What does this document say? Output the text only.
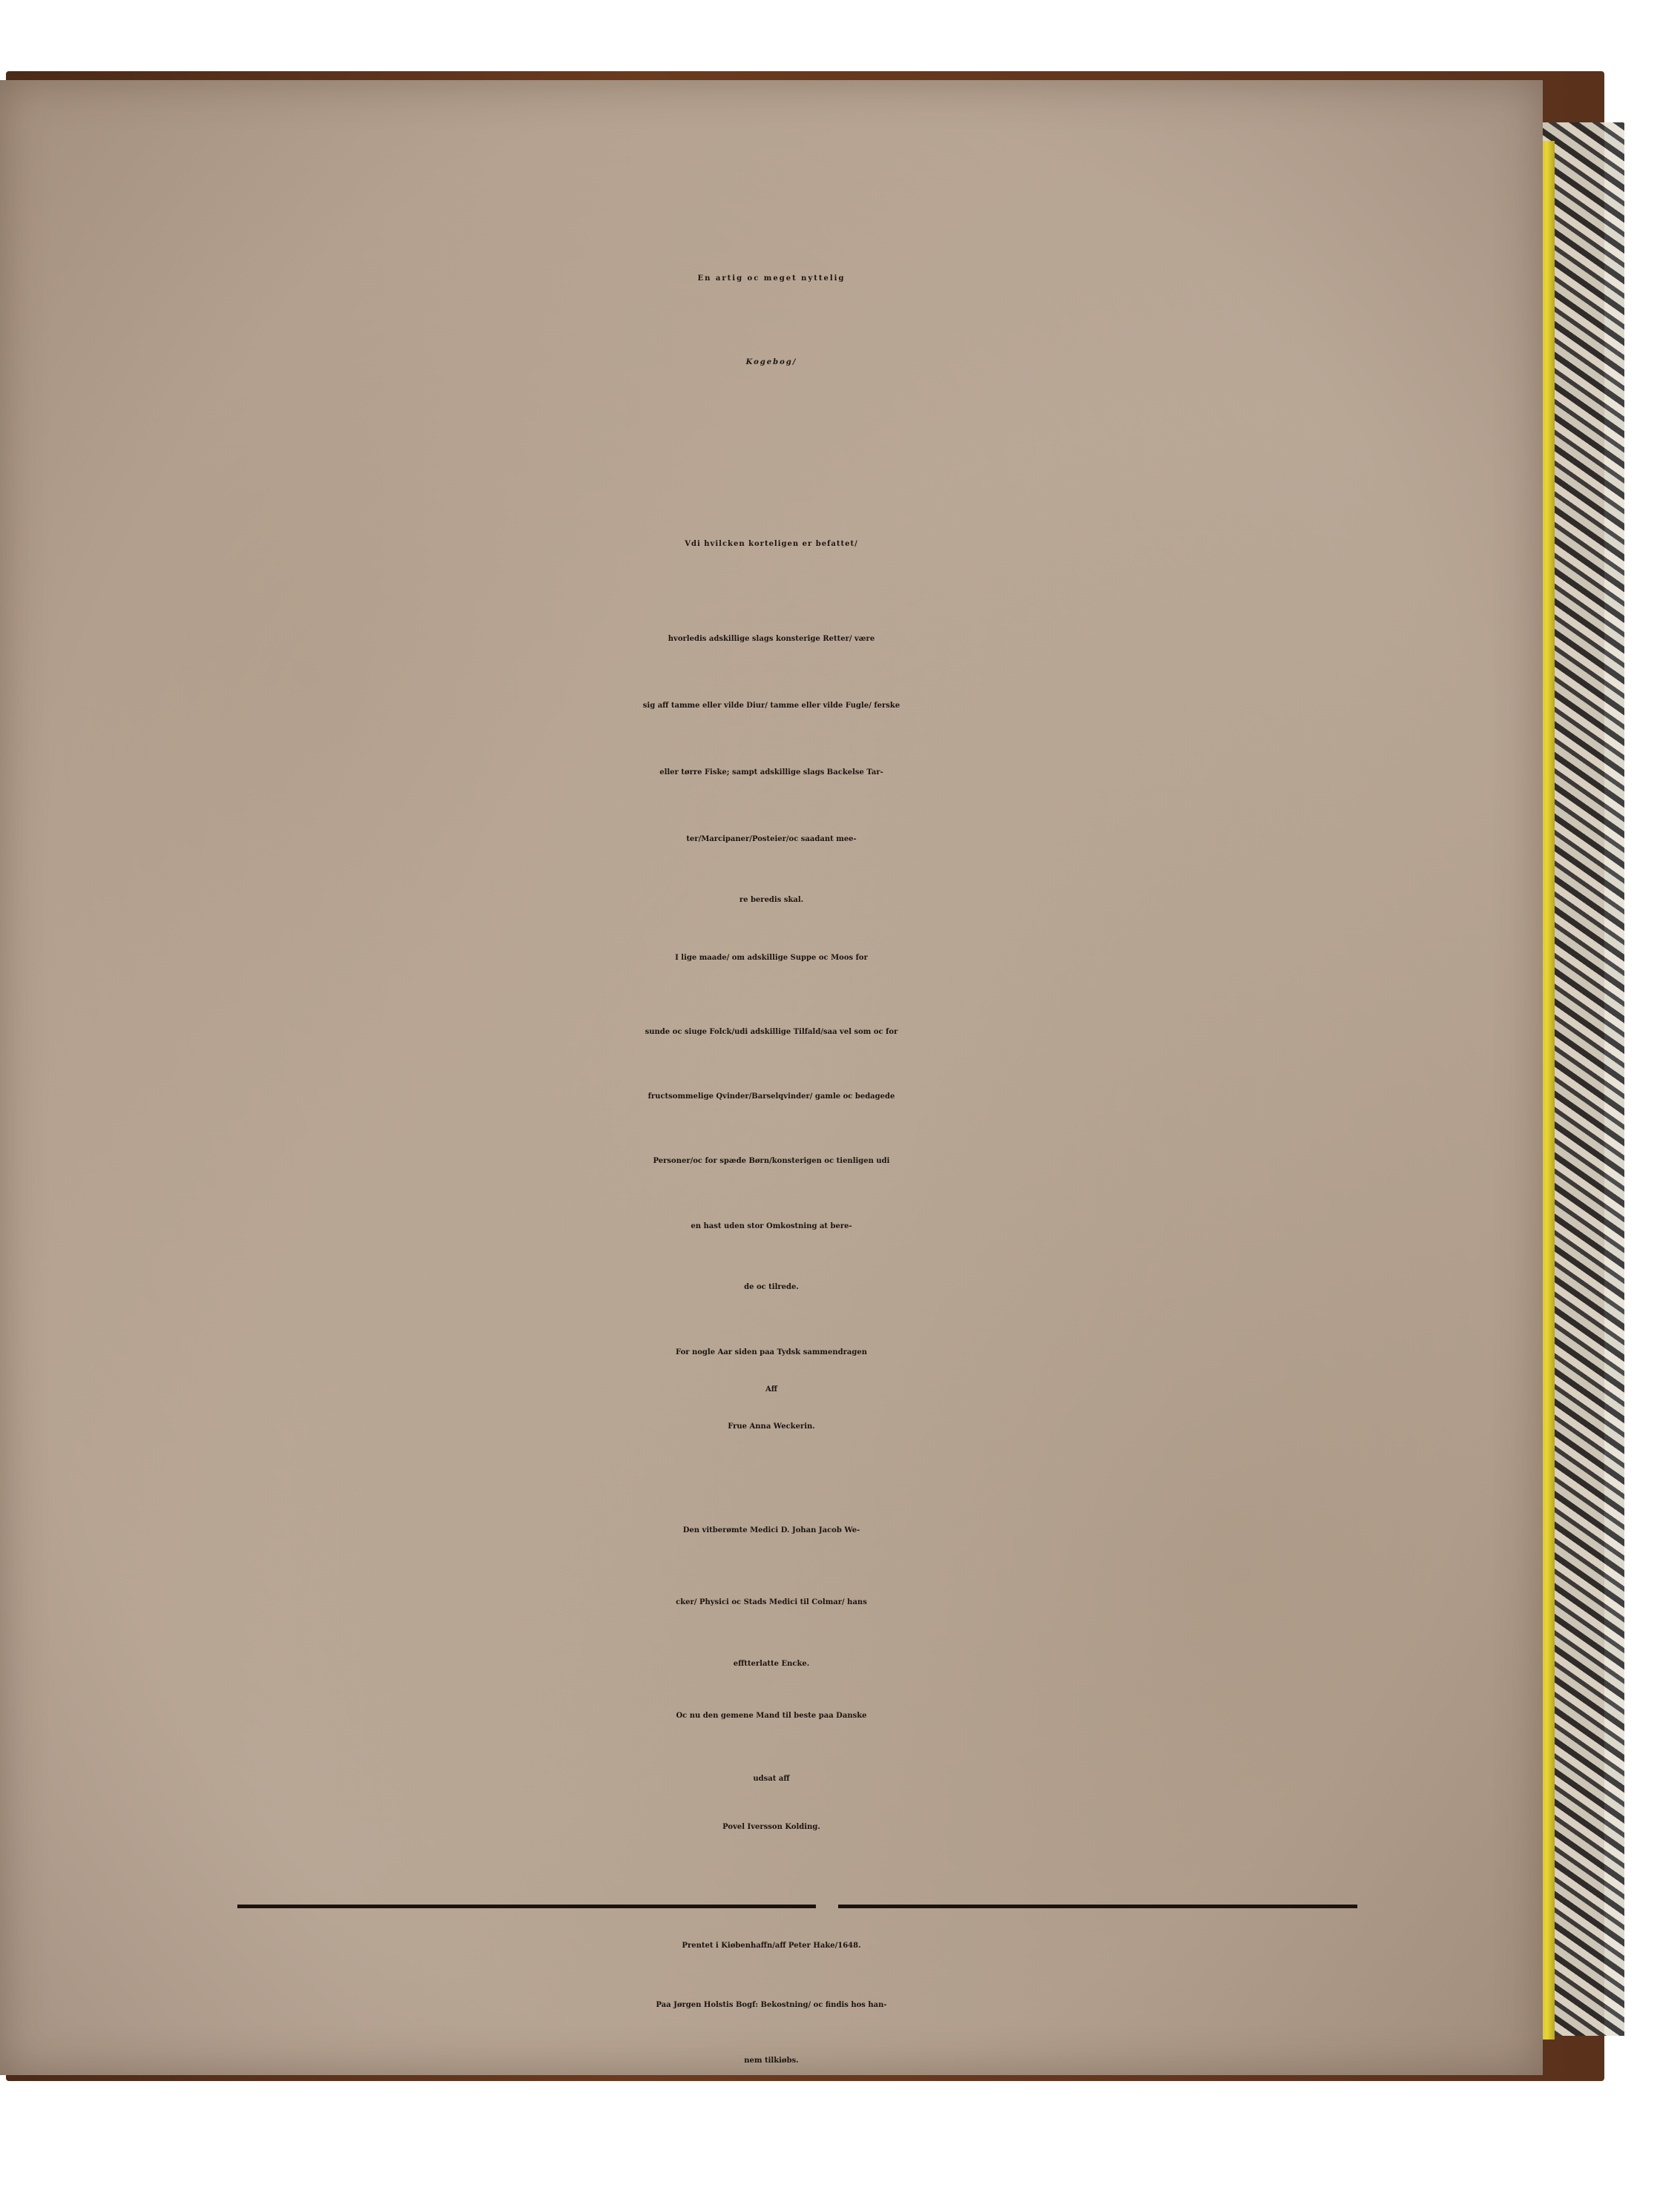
En artig oc meget nyttelig

Kogebog/

Vdi hvilcken korteligen er befattet/

hvorledis adskillige slags konsterige Retter/ være

sig aff tamme eller vilde Diur/ tamme eller vilde Fugle/ ferske

eller tørre Fiske; sampt adskillige slags Backelse Tar-

ter/Marcipaner/Posteier/oc saadant mee-

re beredis skal.

I lige maade/ om adskillige Suppe oc Moos for

sunde oc siuge Folck/udi adskillige Tilfald/saa vel som oc for

fructsommelige Qvinder/Barselqvinder/ gamle oc bedagede

Personer/oc for spæde Børn/konsterigen oc tienligen udi

en hast uden stor Omkostning at bere-

de oc tilrede.

For nogle Aar siden paa Tydsk sammendragen

Aff

Frue Anna Weckerin.

Den vitberømte Medici D. Johan Jacob We-

cker/ Physici oc Stads Medici til Colmar/ hans

efftterlatte Encke.

Oc nu den gemene Mand til beste paa Danske

udsat aff

Povel Iversson Kolding.

Prentet i Kiøbenhaffn/aff Peter Hake/1648.

Paa Jørgen Holstis Bogf: Bekostning/ oc findis hos han-

nem tilkiøbs.
